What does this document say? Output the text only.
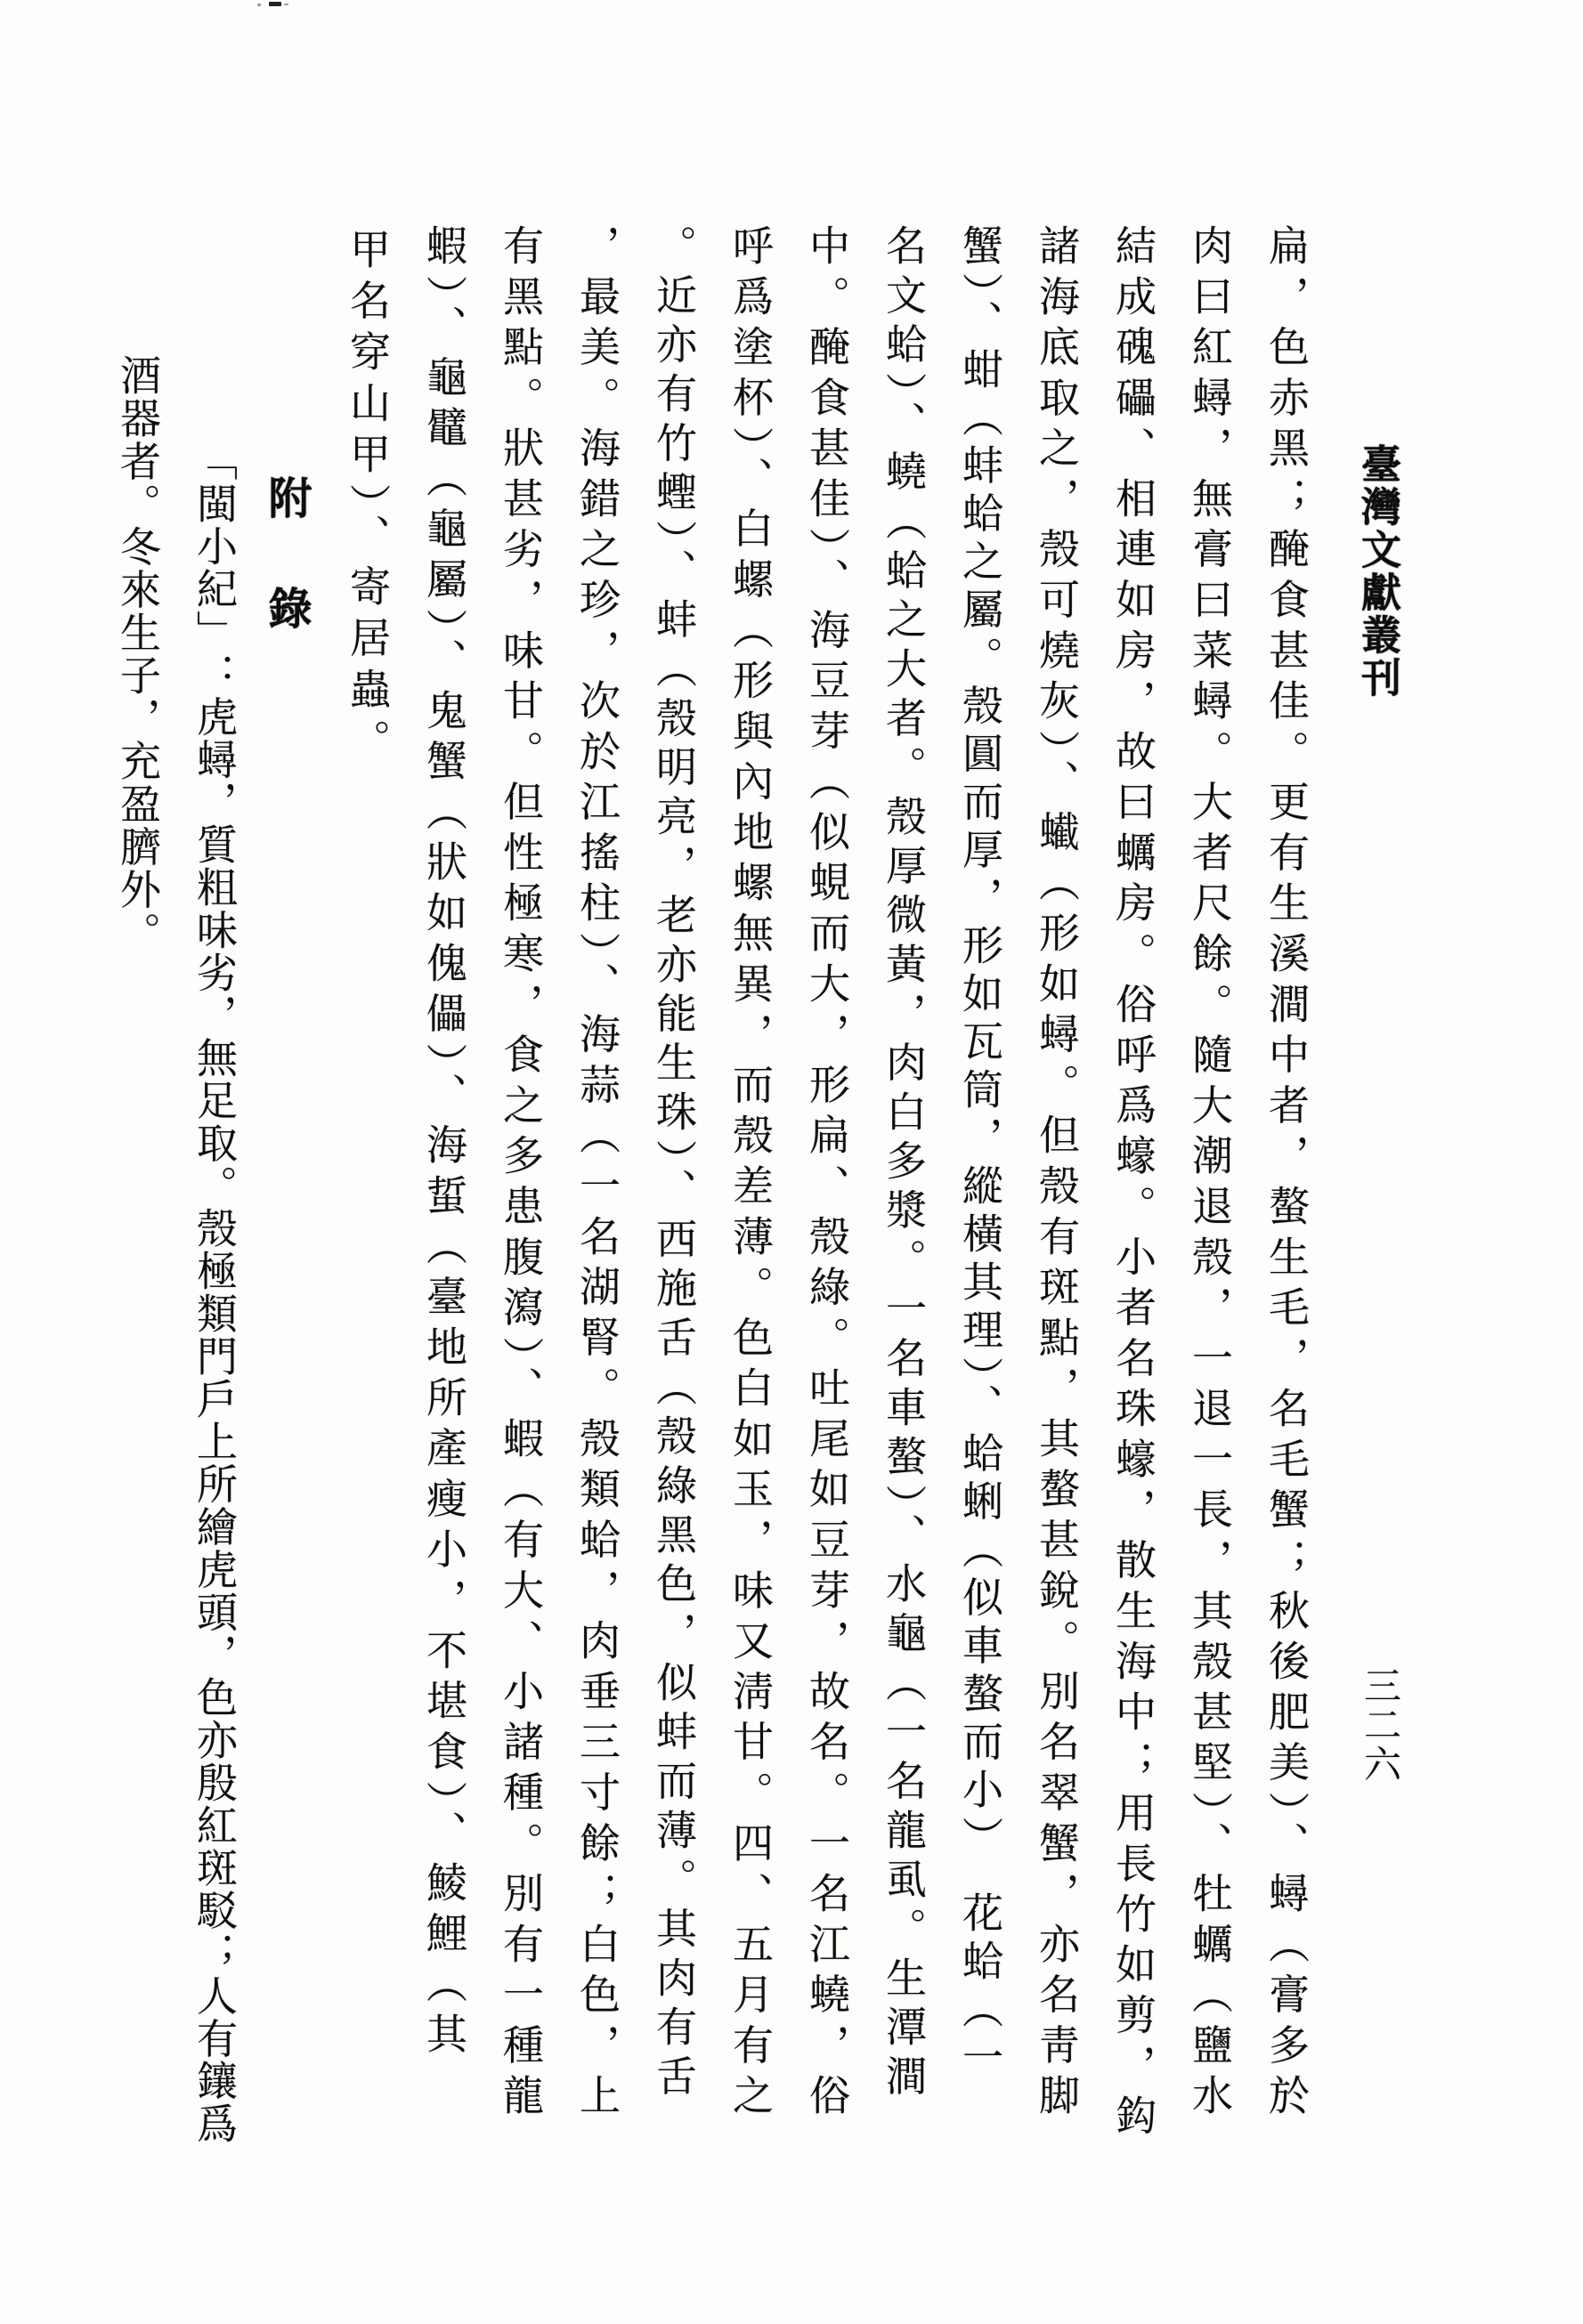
臺灣文獻叢刊
三二六
扁，色赤黑；醃食甚佳。更有生溪澗中者，螯生毛，名毛蟹；秋後肥美）、蟳（膏多於
肉曰紅蟳，無膏曰菜蟳。大者尺餘。隨大潮退殼，一退一長，其殼甚堅）、牡蠣（鹽水
結成磈礧、相連如房，故曰蠣房。俗呼爲蠔。小者名珠蠔，散生海中；用長竹如剪，鈎
諸海底取之，殼可燒灰）、蠘（形如蟳。但殼有斑點，其螯甚銳。別名翠蟹，亦名靑脚
蟹）、蚶（蚌蛤之屬。殼圓而厚，形如瓦筒，縱橫其理）、蛤蜊（似車螯而小）　花蛤（一
名文蛤）、蟯（蛤之大者。殼厚微黃，肉白多漿。一名車螯）、水龜（一名龍虱。生潭澗
中。醃食甚佳）、海豆芽（似蜆而大，形扁、殼綠。吐尾如豆芽，故名。一名江蟯，俗
呼爲塗杯）、白螺（形與內地螺無異，而殼差薄。色白如玉，味又淸甘。四、五月有之
。近亦有竹蟶）、蚌（殼明亮，老亦能生珠）、西施舌（殼綠黑色，似蚌而薄。其肉有舌
，最美。海錯之珍，次於江搖柱）、海蒜（一名湖腎。殼類蛤，肉垂三寸餘；白色，上
有黑點。狀甚劣，味甘。但性極寒，食之多患腹瀉）、蝦（有大、小諸種。別有一種龍
蝦）、龜鼊（龜屬）、鬼蟹（狀如傀儡）、海蜇（臺地所產瘦小，不堪食）、鯪鯉（其
甲名穿山甲）、寄居蟲。
附　錄
「閩小紀」：虎蟳，質粗味劣，無足取。殼極類門戶上所繪虎頭，色亦殷紅斑駁；人有鑲爲
酒器者。冬來生子，充盈臍外。
